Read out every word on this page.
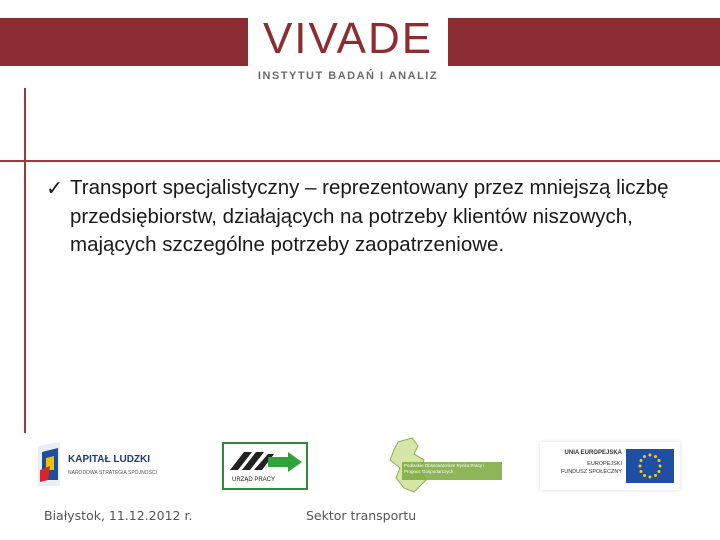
VIVADE
INSTYTUT BADAŃ I ANALIZ
✓ Transport specjalistyczny – reprezentowany przez mniejszą liczbę przedsiębiorstw, działających na potrzeby klientów niszowych, mających szczególne potrzeby zaopatrzeniowe.
KAPITAŁ LUDZKI
NARODOWA STRATEGIA SPÓJNOŚCI
URZĄD PRACY
Podlaskie Obserwatorium Rynku Pracy i Prognoz Gospodarczych
UNIA EUROPEJSKA
EUROPEJSKI
FUNDUSZ SPOŁECZNY
Białystok, 11.12.2012 r.	Sektor transportu
